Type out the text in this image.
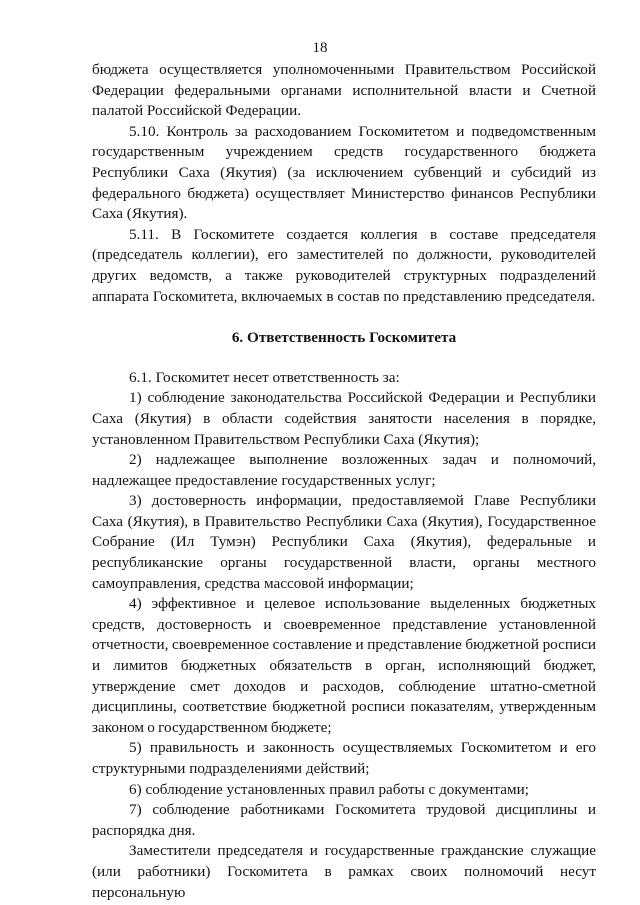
18

бюджета осуществляется уполномоченными Правительством Российской Федерации федеральными органами исполнительной власти и Счетной палатой Российской Федерации.

5.10. Контроль за расходованием Госкомитетом и подведомственным государственным учреждением средств государственного бюджета Республики Саха (Якутия) (за исключением субвенций и субсидий из федерального бюджета) осуществляет Министерство финансов Республики Саха (Якутия).

5.11. В Госкомитете создается коллегия в составе председателя (председатель коллегии), его заместителей по должности, руководителей других ведомств, а также руководителей структурных подразделений аппарата Госкомитета, включаемых в состав по представлению председателя.

6. Ответственность Госкомитета

6.1. Госкомитет несет ответственность за:

1) соблюдение законодательства Российской Федерации и Республики Саха (Якутия) в области содействия занятости населения в порядке, установленном Правительством Республики Саха (Якутия);

2) надлежащее выполнение возложенных задач и полномочий, надлежащее предоставление государственных услуг;

3) достоверность информации, предоставляемой Главе Республики Саха (Якутия), в Правительство Республики Саха (Якутия), Государственное Собрание (Ил Тумэн) Республики Саха (Якутия), федеральные и республиканские органы государственной власти, органы местного самоуправления, средства массовой информации;

4) эффективное и целевое использование выделенных бюджетных средств, достоверность и своевременное представление установленной отчетности, своевременное составление и представление бюджетной росписи и лимитов бюджетных обязательств в орган, исполняющий бюджет, утверждение смет доходов и расходов, соблюдение штатно-сметной дисциплины, соответствие бюджетной росписи показателям, утвержденным законом о государственном бюджете;

5) правильность и законность осуществляемых Госкомитетом и его структурными подразделениями действий;

6) соблюдение установленных правил работы с документами;

7) соблюдение работниками Госкомитета трудовой дисциплины и распорядка дня.

Заместители председателя и государственные гражданские служащие (или работники) Госкомитета в рамках своих полномочий несут персональную
